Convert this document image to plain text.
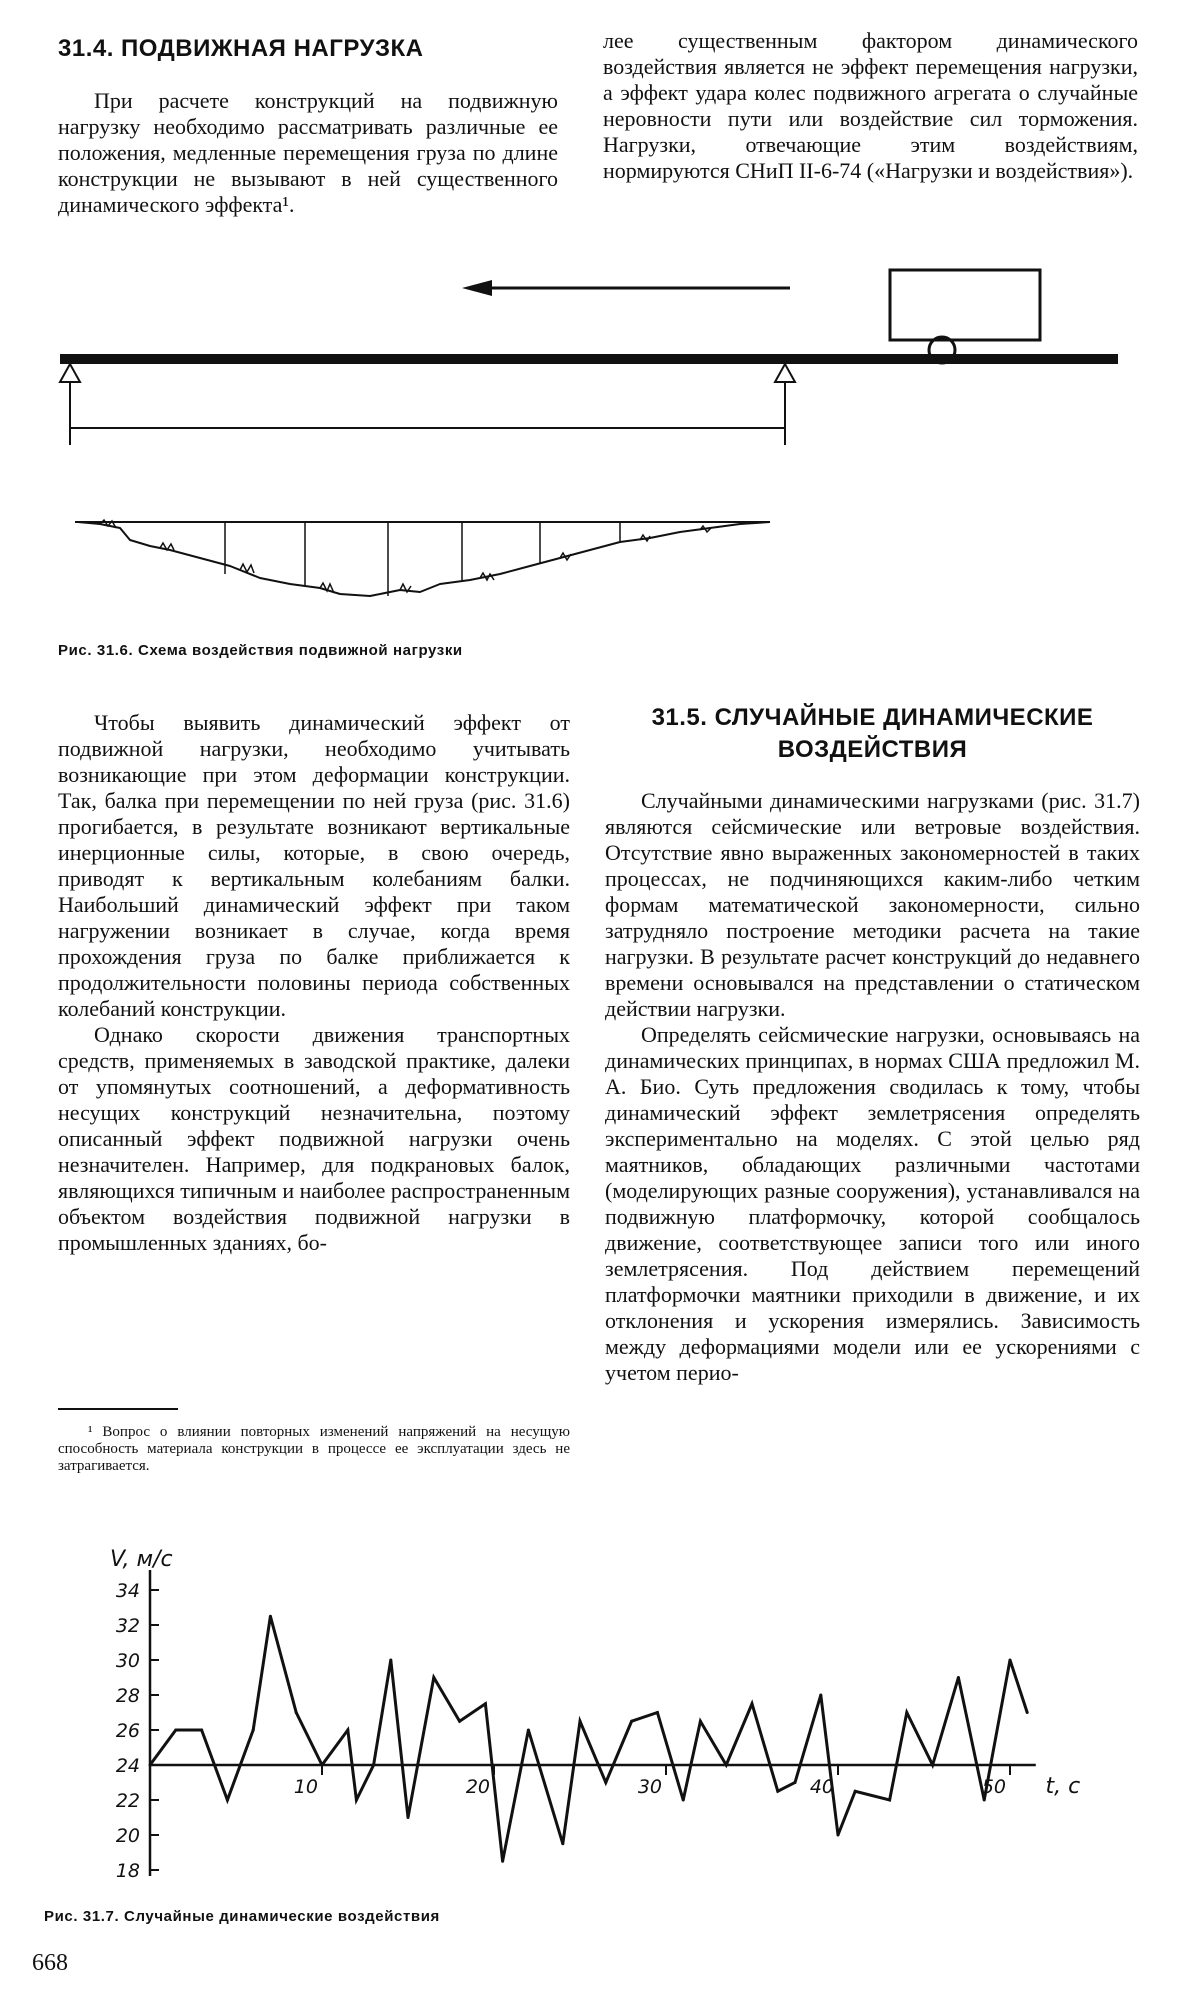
31.4. ПОДВИЖНАЯ НАГРУЗКА

При расчете конструкций на подвижную нагрузку необходимо рассматривать различные ее положения, медленные перемещения груза по длине конструкции не вызывают в ней существенного динамического эффекта¹.

лее существенным фактором динамического воздействия является не эффект перемещения нагрузки, а эффект удара колес подвижного агрегата о случайные неровности пути или воздействие сил торможения. Нагрузки, отвечающие этим воздействиям, нормируются СНиП II-6-74 («Нагрузки и воздействия»).

Рис. 31.6. Схема воздействия подвижной нагрузки

Чтобы выявить динамический эффект от подвижной нагрузки, необходимо учитывать возникающие при этом деформации конструкции. Так, балка при перемещении по ней груза (рис. 31.6) прогибается, в результате возникают вертикальные инерционные силы, которые, в свою очередь, приводят к вертикальным колебаниям балки. Наибольший динамический эффект при таком нагружении возникает в случае, когда время прохождения груза по балке приближается к продолжительности половины периода собственных колебаний конструкции.

Однако скорости движения транспортных средств, применяемых в заводской практике, далеки от упомянутых соотношений, а деформативность несущих конструкций незначительна, поэтому описанный эффект подвижной нагрузки очень незначителен. Например, для подкрановых балок, являющихся типичным и наиболее распространенным объектом воздействия подвижной нагрузки в промышленных зданиях, бо-

¹ Вопрос о влиянии повторных изменений напряжений на несущую способность материала конструкции в процессе ее эксплуатации здесь не затрагивается.

31.5. СЛУЧАЙНЫЕ ДИНАМИЧЕСКИЕ ВОЗДЕЙСТВИЯ

Случайными динамическими нагрузками (рис. 31.7) являются сейсмические или ветровые воздействия. Отсутствие явно выраженных закономерностей в таких процессах, не подчиняющихся каким-либо четким формам математической закономерности, сильно затрудняло построение методики расчета на такие нагрузки. В результате расчет конструкций до недавнего времени основывался на представлении о статическом действии нагрузки.

Определять сейсмические нагрузки, основываясь на динамических принципах, в нормах США предложил М. А. Био. Суть предложения сводилась к тому, чтобы динамический эффект землетрясения определять экспериментально на моделях. С этой целью ряд маятников, обладающих различными частотами (моделирующих разные сооружения), устанавливался на подвижную платформочку, которой сообщалось движение, соответствующее записи того или иного землетрясения. Под действием перемещений платформочки маятники приходили в движение, и их отклонения и ускорения измерялись. Зависимость между деформациями модели или ее ускорениями с учетом перио-

18
20
22
24
26
28
30
32
34
10	20	30	40	50
V, м/с
t, с
Рис. 31.7. Случайные динамические воздействия
668
